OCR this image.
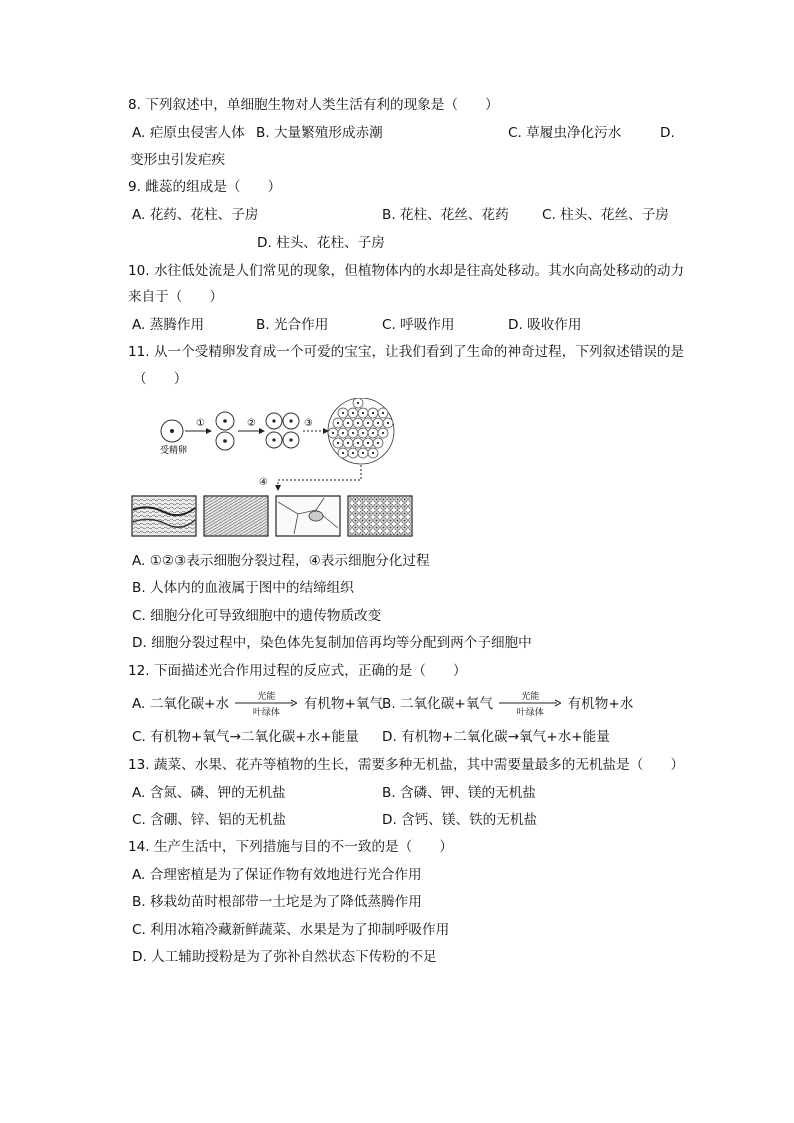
8. 下列叙述中，单细胞生物对人类生活有利的现象是（　　）
A. 疟原虫侵害人体 B. 大量繁殖形成赤潮	C. 草履虫净化污水	D.
变形虫引发疟疾
9. 雌蕊的组成是（　　）
A. 花药、花柱、子房	B. 花柱、花丝、花药 C. 柱头、花丝、子房
D. 柱头、花柱、子房
10. 水往低处流是人们常见的现象，但植物体内的水却是往高处移动。其水向高处移动的动力
来自于（　　）
A. 蒸腾作用	B. 光合作用	C. 呼吸作用	D. 吸收作用
11. 从一个受精卵发育成一个可爱的宝宝，让我们看到了生命的神奇过程，下列叙述错误的是
（　　）
受精卵
①	②	③
④
A. ①②③表示细胞分裂过程，④表示细胞分化过程
B. 人体内的血液属于图中的结缔组织
C. 细胞分化可导致细胞中的遗传物质改变
D. 细胞分裂过程中，染色体先复制加倍再均等分配到两个子细胞中
12. 下面描述光合作用过程的反应式，正确的是（　　）
A. 二氧化碳+水	光能
叶绿体
有机物+氧气
B. 二氧化碳+氧气	光能
叶绿体
有机物+水
C. 有机物+氧气→二氧化碳+水+能量 D. 有机物+二氧化碳→氧气+水+能量
13. 蔬菜、水果、花卉等植物的生长，需要多种无机盐，其中需要量最多的无机盐是（　　）
A. 含氮、磷、钾的无机盐	B. 含磷、钾、镁的无机盐
C. 含硼、锌、铝的无机盐	D. 含钙、镁、铁的无机盐
14. 生产生活中，下列措施与目的不一致的是（　　）
A. 合理密植是为了保证作物有效地进行光合作用
B. 移栽幼苗时根部带一土坨是为了降低蒸腾作用
C. 利用冰箱冷藏新鲜蔬菜、水果是为了抑制呼吸作用
D. 人工辅助授粉是为了弥补自然状态下传粉的不足
